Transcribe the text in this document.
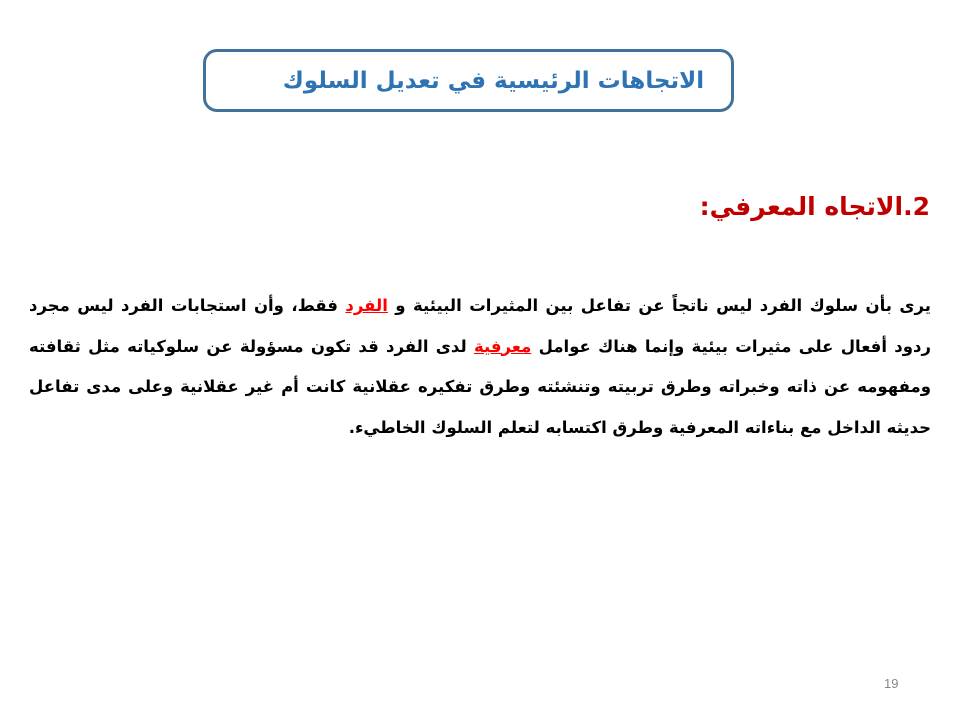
الاتجاهات الرئيسية في تعديل السلوك
2.الاتجاه المعرفي:

يرى بأن سلوك الفرد ليس ناتجاً عن تفاعل بين المثيرات البيئية و الفرد فقط، وأن استجابات الفرد ليس مجرد ردود أفعال على مثيرات بيئية وإنما هناك عوامل معرفية لدى الفرد قد تكون مسؤولة عن سلوكياته مثل ثقافته ومفهومه عن ذاته وخبراته وطرق تربيته وتنشئته وطرق تفكيره عقلانية كانت أم غير عقلانية وعلى مدى تفاعل حديثه الداخل مع بناءاته المعرفية وطرق اكتسابه لتعلم السلوك الخاطيء.

19
